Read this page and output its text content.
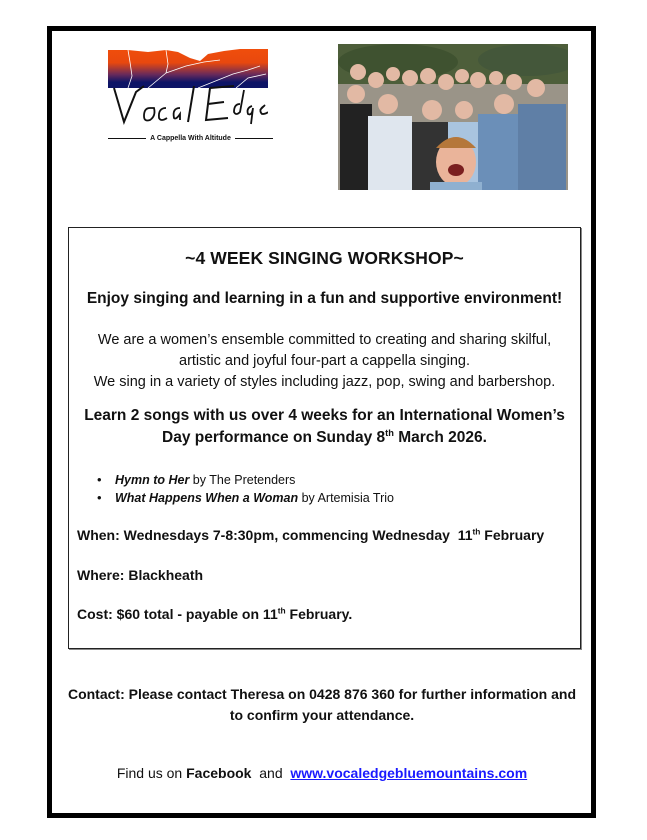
A Cappella With Altitude
~4 WEEK SINGING WORKSHOP~
Enjoy singing and learning in a fun and supportive environment!
We are a women’s ensemble committed to creating and sharing skilful,
artistic and joyful four-part a cappella singing.
We sing in a variety of styles including jazz, pop, swing and barbershop.
Learn 2 songs with us over 4 weeks for an International Women’s
Day performance on Sunday 8th March 2026.
• Hymn to Her by The Pretenders
• What Happens When a Woman by Artemisia Trio
When: Wednesdays 7-8:30pm, commencing Wednesday  11th February
Where: Blackheath
Cost: $60 total - payable on 11th February.
Contact: Please contact Theresa on 0428 876 360 for further information and
to confirm your attendance.
Find us on Facebook  and  www.vocaledgebluemountains.com
